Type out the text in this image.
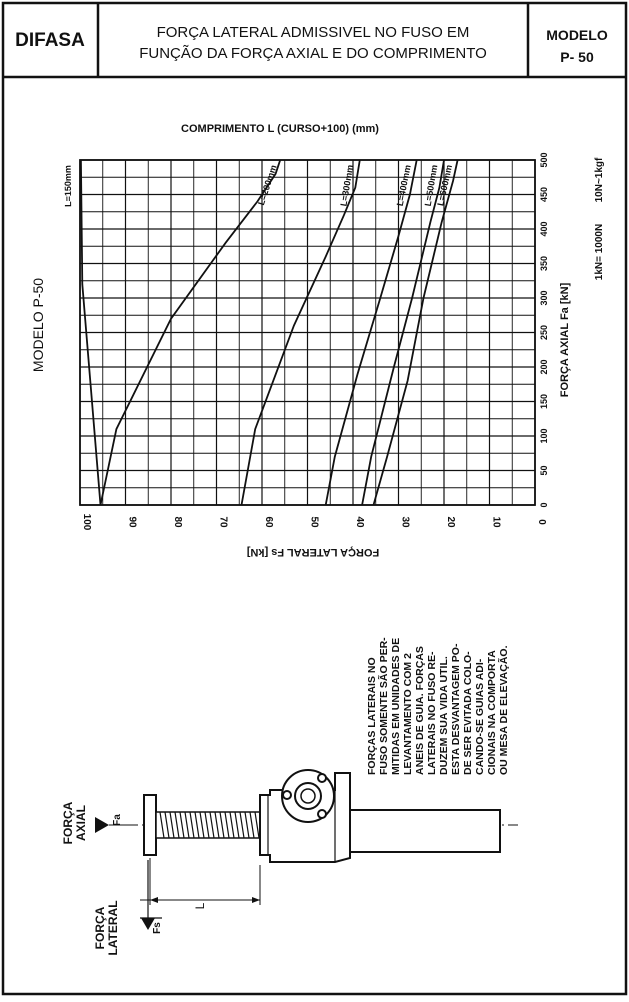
DIFASA	FORÇA LATERAL ADMISSIVEL NO FUSO EM
FUNÇÃO DA FORÇA AXIAL E DO COMPRIMENTO
MODELO
P- 50
MODELO P-50
COMPRIMENTO L (CURSO+100) (mm)
L=150mm	L=200mm	L=300mm	L=400mm L=500mm
L=600mm
100	90	80	70	60	50	40	30	20	10	0
0
50
100
150
200
250
300
350
400
450
500
FORÇA LATERAL Fs [kN]
FORÇA AXIAL Fa [kN]
10N~1kgf
1kN= 1000N
FORÇAS LATERAIS NO FUSO SOMENTE SÃO PER- MITIDAS EM UNIDADES DE LEVANTAMENTO COM 2 ANEIS DE GUIA. FORÇAS LATERAIS NO FUSO RE- DUZEM SUA VIDA UTIL. ESTA DESVANTAGEM PO- DE SER EVITADA COLO- CANDO-SE GUIAS ADI- CIONAIS NA COMPORTA OU MESA DE ELEVAÇÃO.
L
FORÇA AXIAL Fa
FORÇA LATERAL	Fs
